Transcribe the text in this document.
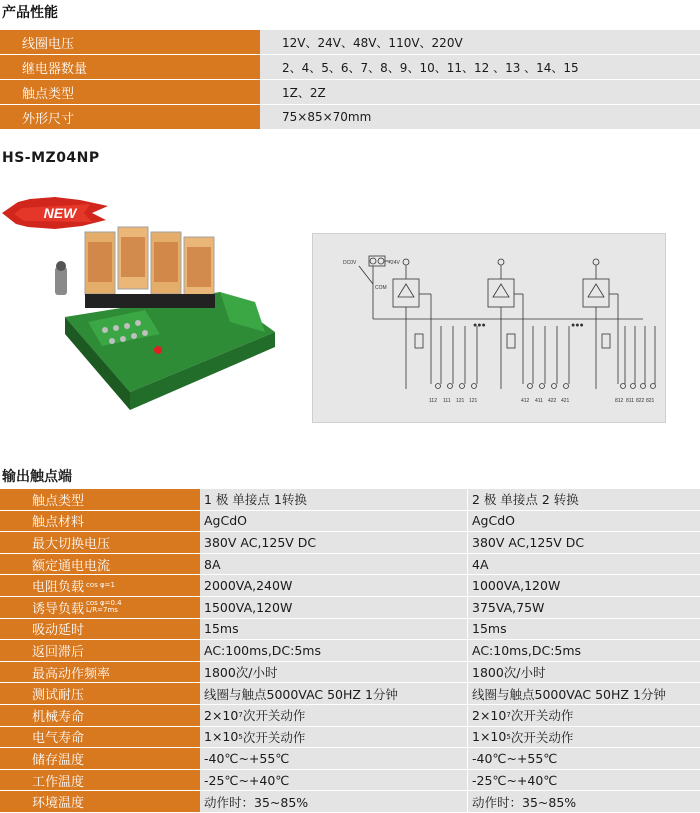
产品性能
线圈电压	12V、24V、48V、110V、220V
继电器数量	2、4、5、6、7、8、9、10、11、12 、13 、14、15
触点类型	1Z、2Z
外形尺寸	75×85×70mm
HS-MZ04NP
NEW
DC0V	+24V
COM
112 111 121 121	412 411 422 421	812 811 822 821
●●●	●●●
输出触点端
触点类型	1 极 单接点 1转换	2 极 单接点 2 转换
触点材料	AgCdO	AgCdO
最大切换电压	380V AC,125V DC	380V AC,125V DC
额定通电电流	8A	4A
电阻负载 cos φ=1	2000VA,240W	1000VA,120W
诱导负载 cos φ=0.4
L/R=7ms	1500VA,120W	375VA,75W
吸动延时	15ms	15ms
返回滞后	AC:100ms,DC:5ms	AC:10ms,DC:5ms
最高动作频率	1800次/小时	1800次/小时
测试耐压	线圈与触点5000VAC 50HZ 1分钟	线圈与触点5000VAC 50HZ 1分钟
机械寿命	2×10 7 次开关动作	2×10 7 次开关动作
电气寿命	1×10 5 次开关动作	1×10 5 次开关动作
储存温度	-40℃~+55℃	-40℃~+55℃
工作温度	-25℃~+40℃	-25℃~+40℃
环境温度	动作时：35~85%	动作时：35~85%
